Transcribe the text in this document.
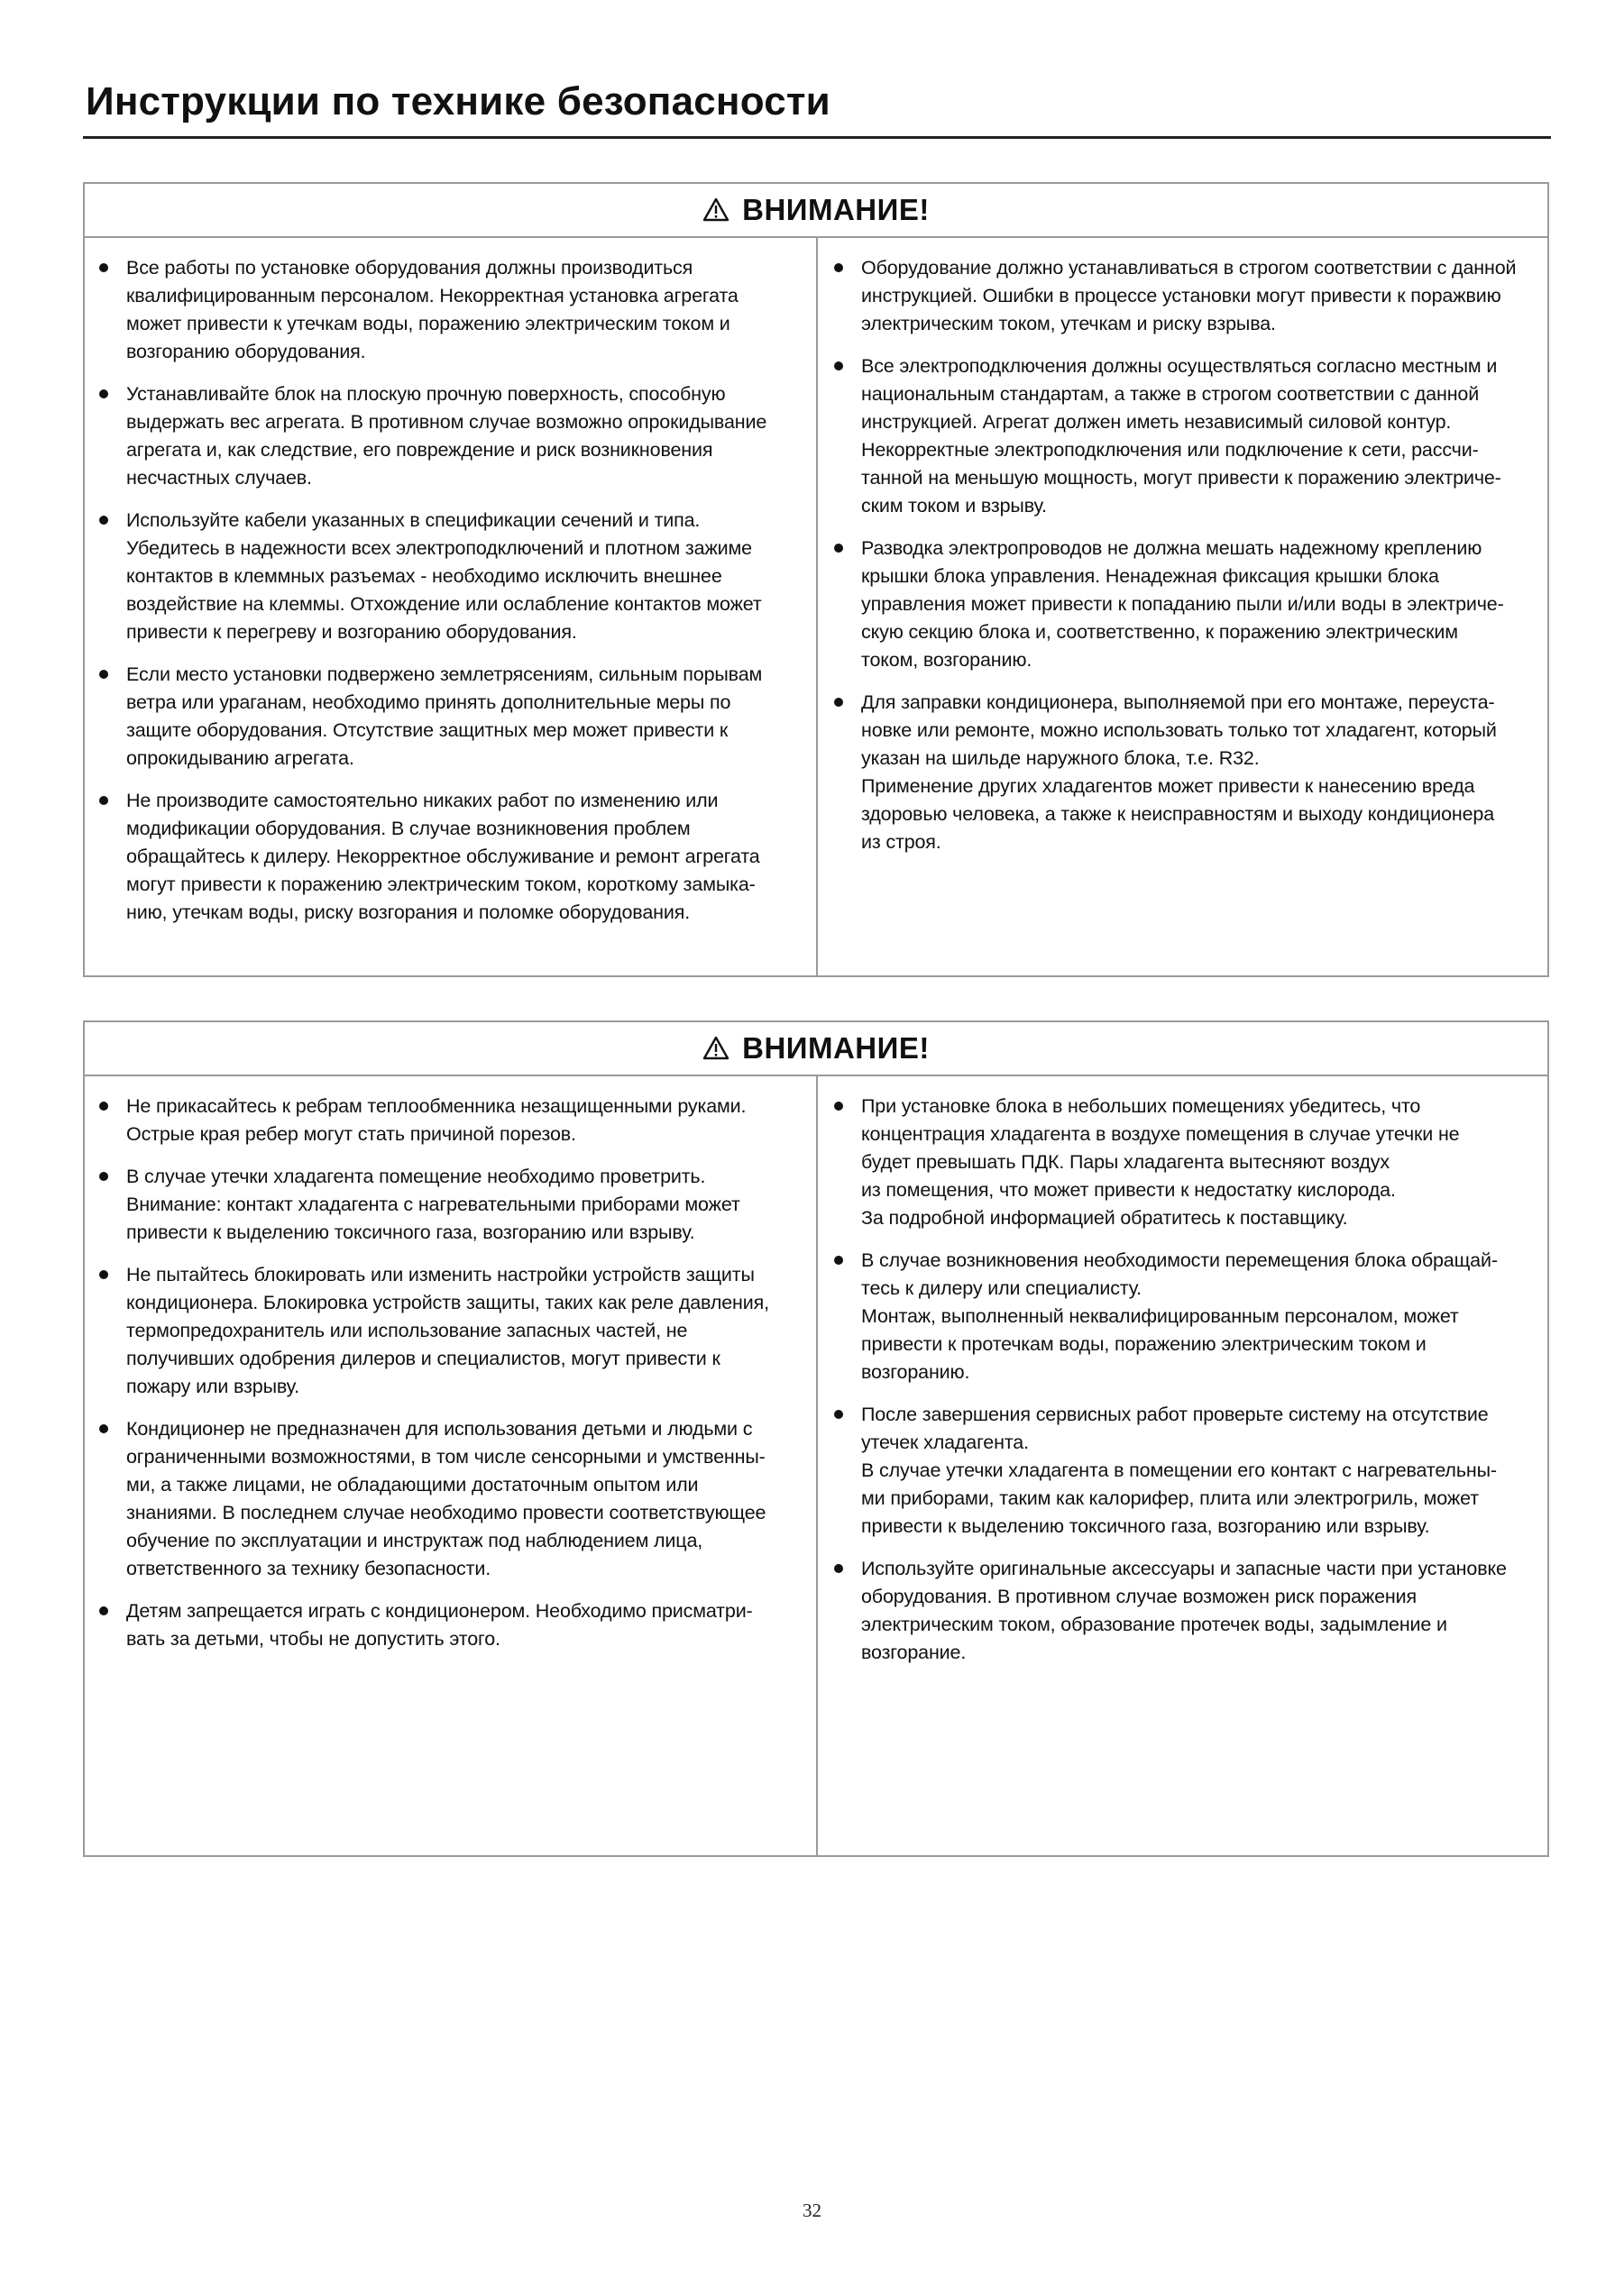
Инструкции по технике безопасности
ВНИМАНИЕ!
Все работы по установке оборудования должны производиться
квалифицированным персоналом. Некорректная установка агрегата
может привести к утечкам воды, поражению электрическим током и
возгоранию оборудования.
Устанавливайте блок на плоскую прочную поверхность, способную
выдержать вес агрегата. В противном случае возможно опрокидывание
агрегата и, как следствие, его повреждение и риск возникновения
несчастных случаев.
Используйте кабели указанных в спецификации сечений и типа.
Убедитесь в надежности всех электроподключений и плотном зажиме
контактов в клеммных разъемах - необходимо исключить внешнее
воздействие на клеммы. Отхождение или ослабление контактов может
привести к перегреву и возгоранию оборудования.
Если место установки подвержено землетрясениям, сильным порывам
ветра или ураганам, необходимо принять дополнительные меры по
защите оборудования. Отсутствие защитных мер может привести к
опрокидыванию агрегата.
Не производите самостоятельно никаких работ по изменению или
модификации оборудования. В случае возникновения проблем
обращайтесь к дилеру. Некорректное обслуживание и ремонт агрегата
могут привести к поражению электрическим током, короткому замыка-
нию, утечкам воды, риску возгорания и поломке оборудования.
Оборудование должно устанавливаться в строгом соответствии с данной
инструкцией. Ошибки в процессе установки могут привести к поражвию
электрическим током, утечкам и риску взрыва.
Все электроподключения должны осуществляться согласно местным и
национальным стандартам, а также в строгом соответствии с данной
инструкцией. Агрегат должен иметь независимый силовой контур.
Некорректные электроподключения или подключение к сети, рассчи-
танной на меньшую мощность, могут привести к поражению электриче-
ским током и взрыву.
Разводка электропроводов не должна мешать надежному креплению
крышки блока управления. Ненадежная фиксация крышки блока
управления может привести к попаданию пыли и/или воды в электриче-
скую секцию блока и, соответственно, к поражению электрическим
током, возгоранию.
Для заправки кондиционера, выполняемой при его монтаже, переуста-
новке или ремонте, можно использовать только тот хладагент, который
указан на шильде наружного блока, т.е. R32.
Применение других хладагентов может привести к нанесению вреда
здоровью человека, а также к неисправностям и выходу кондиционера
из строя.
ВНИМАНИЕ!
Не прикасайтесь к ребрам теплообменника незащищенными руками.
Острые края ребер могут стать причиной порезов.
В случае утечки хладагента помещение необходимо проветрить.
Внимание: контакт хладагента с нагревательными приборами может
привести к выделению токсичного газа, возгоранию или взрыву.
Не пытайтесь блокировать или изменить настройки устройств защиты
кондиционера. Блокировка устройств защиты, таких как реле давления,
термопредохранитель или использование запасных частей, не
получивших одобрения дилеров и специалистов, могут привести к
пожару или взрыву.
Кондиционер не предназначен для использования детьми и людьми с
ограниченными возможностями, в том числе сенсорными и умственны-
ми, а также лицами, не обладающими достаточным опытом или
знаниями. В последнем случае необходимо провести соответствующее
обучение по эксплуатации и инструктаж под наблюдением лица,
ответственного за технику безопасности.
Детям запрещается играть с кондиционером. Необходимо присматри-
вать за детьми, чтобы не допустить этого.
При установке блока в небольших помещениях убедитесь, что
концентрация хладагента в воздухе помещения в случае утечки не
будет превышать ПДК. Пары хладагента вытесняют воздух
из помещения, что может привести к недостатку кислорода.
За подробной информацией обратитесь к поставщику.
В случае возникновения необходимости перемещения блока обращай-
тесь к дилеру или специалисту.
Монтаж, выполненный неквалифицированным персоналом, может
привести к протечкам воды, поражению электрическим током и
возгоранию.
После завершения сервисных работ проверьте систему на отсутствие
утечек хладагента.
В случае утечки хладагента в помещении его контакт с нагревательны-
ми приборами, таким как калорифер, плита или электрогриль, может
привести к выделению токсичного газа, возгоранию или взрыву.
Используйте оригинальные аксессуары и запасные части при установке
оборудования. В противном случае возможен риск поражения
электрическим током, образование протечек воды, задымление и
возгорание.
32
